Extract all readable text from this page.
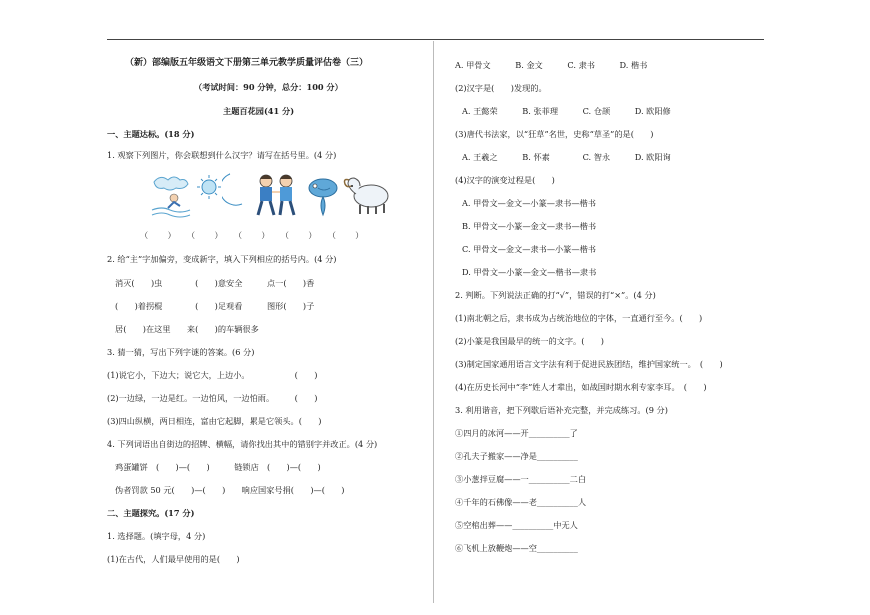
（新）部编版五年级语文下册第三单元教学质量评估卷（三）
（考试时间：90 分钟，总分：100 分）
主题百花园(41 分)
一、主题达标。(18 分)
1. 观察下列图片，你会联想到什么汉字？请写在括号里。(4 分)
（　　）　　（　　）　　（　　）　　（　　）　　（　　）
2. 给“主”字加偏旁，变成新字，填入下列相应的括号内。(4 分)
消灭(　　)虫　　　　(　　)意安全　　　点一(　　)香
(　　)着拐棍　　　　(　　)足观看　　　图形(　　)子
居(　　)在这里　　来(　　)的车辆很多
3. 猜一猜，写出下列字谜的答案。(6 分)
(1)说它小，下边大；说它大，上边小。　　　　　　(　　)
(2)一边绿，一边是红。一边怕风，一边怕雨。　　　(　　)
(3)四山纵横，两日相连，富由它起脚，累是它领头。(　　)
4. 下列词语出自街边的招牌、横幅，请你找出其中的错别字并改正。(4 分)
鸡蛋罐饼　(　　)—(　　)　　　链锁店　(　　)—(　　)
伪者罚款 50 元(　　)—(　　)　　响应国家号捐(　　)—(　　)
二、主题探究。(17 分)
1. 选择题。(填字母，4 分)
(1)在古代，人们最早使用的是(　　)
A. 甲骨文　　　B. 金文　　　C. 隶书　　　D. 楷书
(2)汉字是(　　)发现的。
A. 王懿荣　　　B. 张菲理　　　C. 仓颉　　　D. 欧阳修
(3)唐代书法家，以“狂草”名世，史称“草圣”的是(　　)
A. 王羲之　　　B. 怀素　　　　C. 智永　　　D. 欧阳询
(4)汉字的演变过程是(　　)
A. 甲骨文—金文—小篆—隶书—楷书
B. 甲骨文—小篆—金文—隶书—楷书
C. 甲骨文—金文—隶书—小篆—楷书
D. 甲骨文—小篆—金文—楷书—隶书
2. 判断。下列说法正确的打“√”，错误的打“×”。(4 分)
(1)南北朝之后，隶书成为占统治地位的字体，一直通行至今。(　　)
(2)小篆是我国最早的统一的文字。(　　)
(3)制定国家通用语言文字法有利于促进民族团结，维护国家统一。　(　　)
(4)在历史长河中“李”姓人才辈出，如战国时期水利专家李耳。　(　　)
3. 利用谐音，把下列歇后语补充完整，并完成练习。(9 分)
①四月的冰河——开__________了
②孔夫子搬家——净是__________
③小葱拌豆腐——一__________二白
④千年的石佛像——老__________人
⑤空棺出葬——__________中无人
⑥飞机上放鞭炮——空__________
